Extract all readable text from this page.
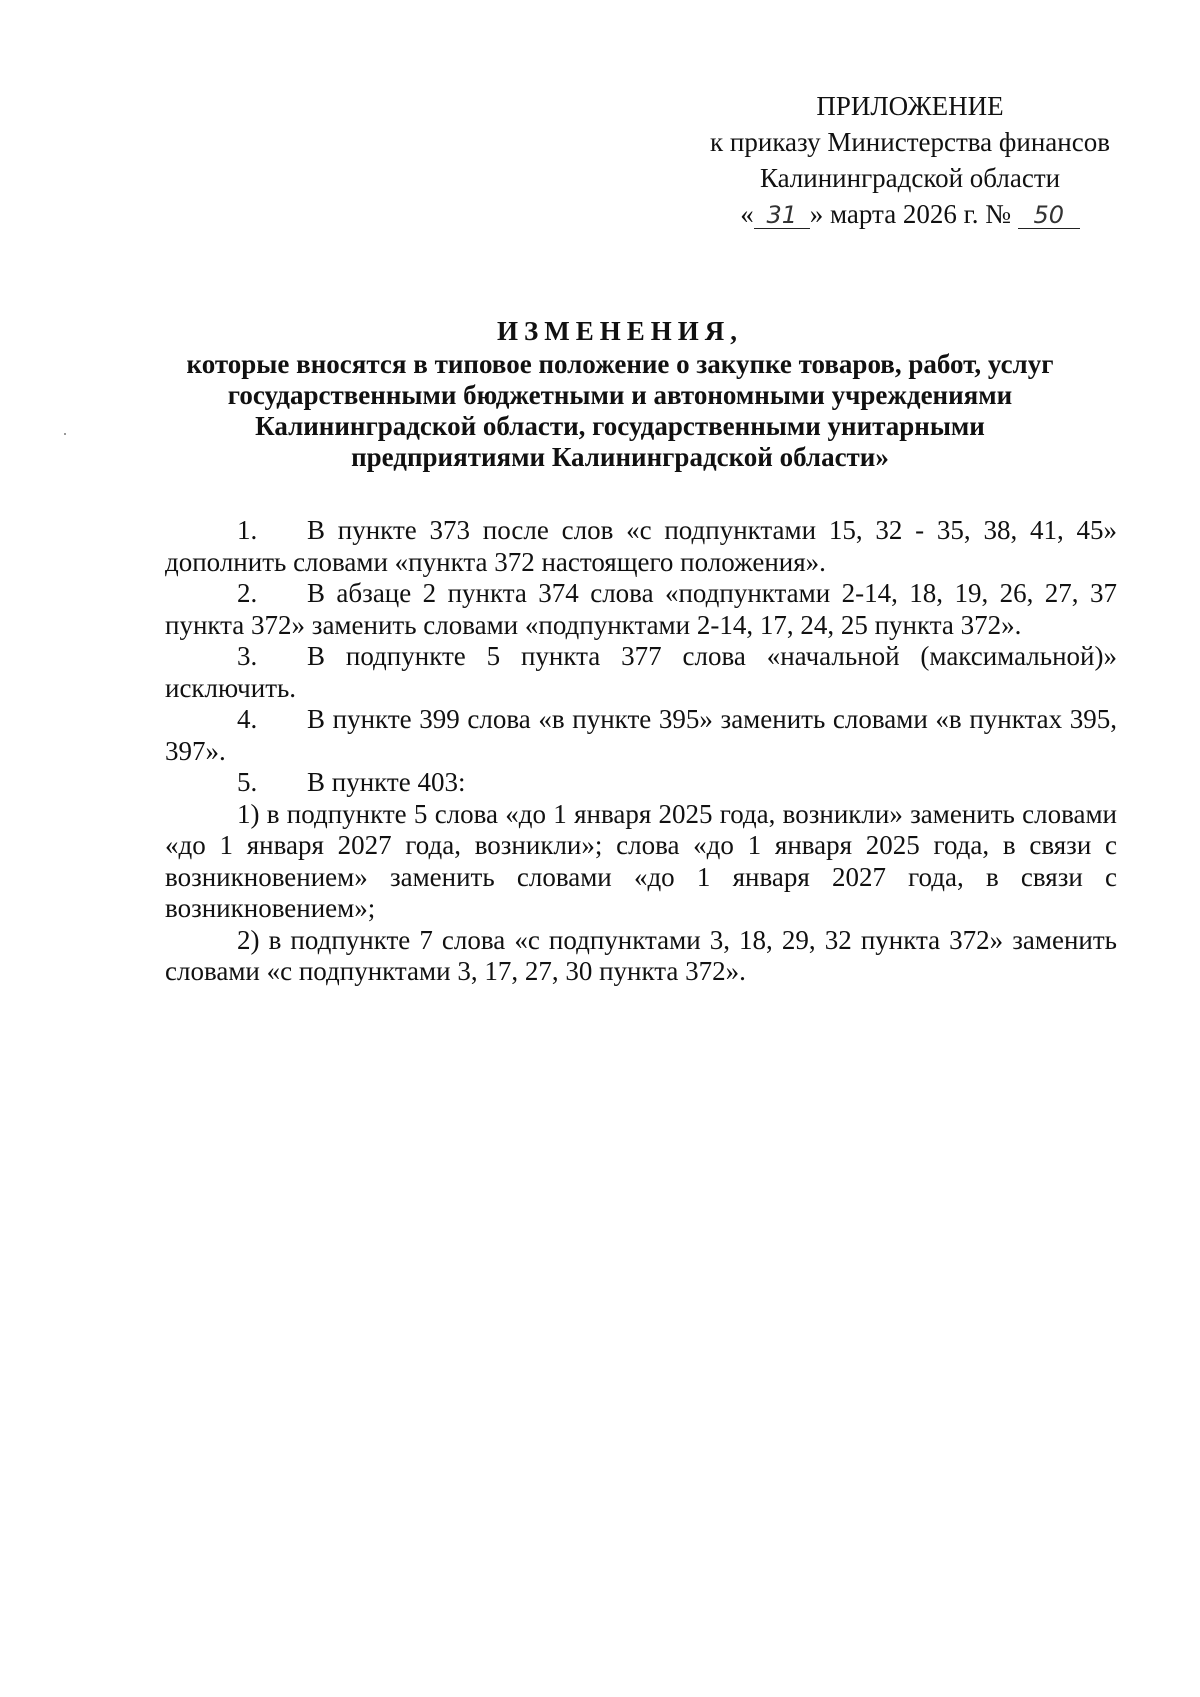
ПРИЛОЖЕНИЕ
к приказу Министерства финансов
Калининградской области
« 31 » марта 2026 г. № 50
ИЗМЕНЕНИЯ,
которые вносятся в типовое положение о закупке товаров, работ, услуг
государственными бюджетными и автономными учреждениями
Калининградской области, государственными унитарными
предприятиями Калининградской области»

1. В пункте 373 после слов «с подпунктами 15, 32 - 35, 38, 41, 45» дополнить словами «пункта 372 настоящего положения».

2. В абзаце 2 пункта 374 слова «подпунктами 2-14, 18, 19, 26, 27, 37 пункта 372» заменить словами «подпунктами 2-14, 17, 24, 25 пункта 372».

3. В подпункте 5 пункта 377 слова «начальной (максимальной)» исключить.

4. В пункте 399 слова «в пункте 395» заменить словами «в пунктах 395, 397».

5. В пункте 403:

1) в подпункте 5 слова «до 1 января 2025 года, возникли» заменить словами «до 1 января 2027 года, возникли»; слова «до 1 января 2025 года, в связи с возникновением» заменить словами «до 1 января 2027 года, в связи с возникновением»;

2) в подпункте 7 слова «с подпунктами 3, 18, 29, 32 пункта 372» заменить словами «с подпунктами 3, 17, 27, 30 пункта 372».
